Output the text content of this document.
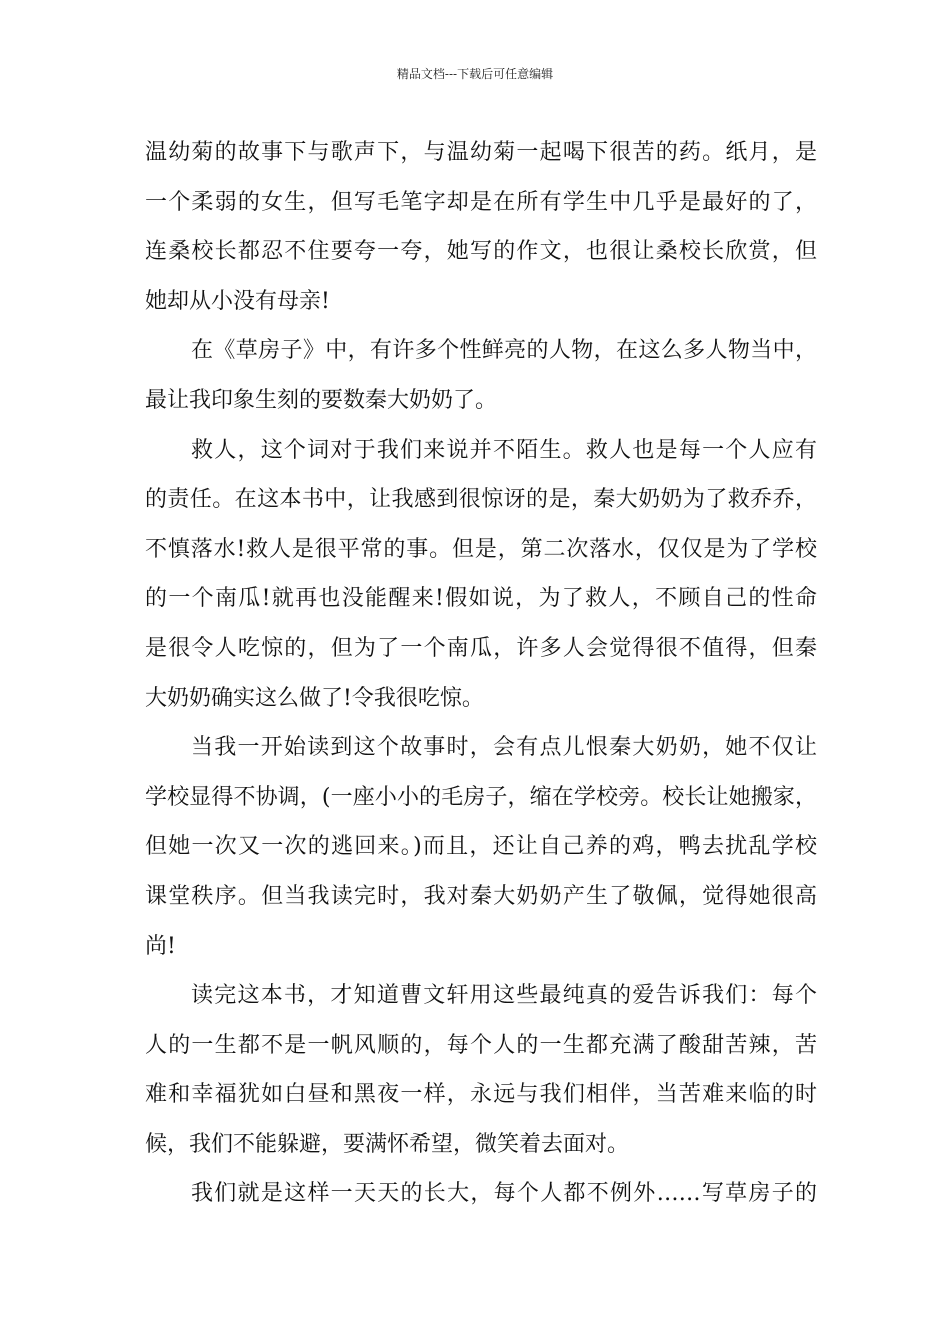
精品文档---下载后可任意编辑
温幼菊的故事下与歌声下，与温幼菊一起喝下很苦的药。纸月，是
一个柔弱的女生，但写毛笔字却是在所有学生中几乎是最好的了，
连桑校长都忍不住要夸一夸，她写的作文，也很让桑校长欣赏，但
她却从小没有母亲!
在《草房子》中，有许多个性鲜亮的人物，在这么多人物当中，
最让我印象生刻的要数秦大奶奶了。
救人，这个词对于我们来说并不陌生。救人也是每一个人应有
的责任。在这本书中，让我感到很惊讶的是，秦大奶奶为了救乔乔，
不慎落水!救人是很平常的事。但是，第二次落水，仅仅是为了学校
的一个南瓜!就再也没能醒来!假如说，为了救人，不顾自己的性命
是很令人吃惊的，但为了一个南瓜，许多人会觉得很不值得，但秦
大奶奶确实这么做了!令我很吃惊。
当我一开始读到这个故事时，会有点儿恨秦大奶奶，她不仅让
学校显得不协调，(一座小小的毛房子，缩在学校旁。校长让她搬家，
但她一次又一次的逃回来。)而且，还让自己养的鸡，鸭去扰乱学校
课堂秩序。但当我读完时，我对秦大奶奶产生了敬佩，觉得她很高
尚!
读完这本书，才知道曹文轩用这些最纯真的爱告诉我们：每个
人的一生都不是一帆风顺的，每个人的一生都充满了酸甜苦辣，苦
难和幸福犹如白昼和黑夜一样，永远与我们相伴，当苦难来临的时
候，我们不能躲避，要满怀希望，微笑着去面对。
我们就是这样一天天的长大，每个人都不例外……写草房子的
